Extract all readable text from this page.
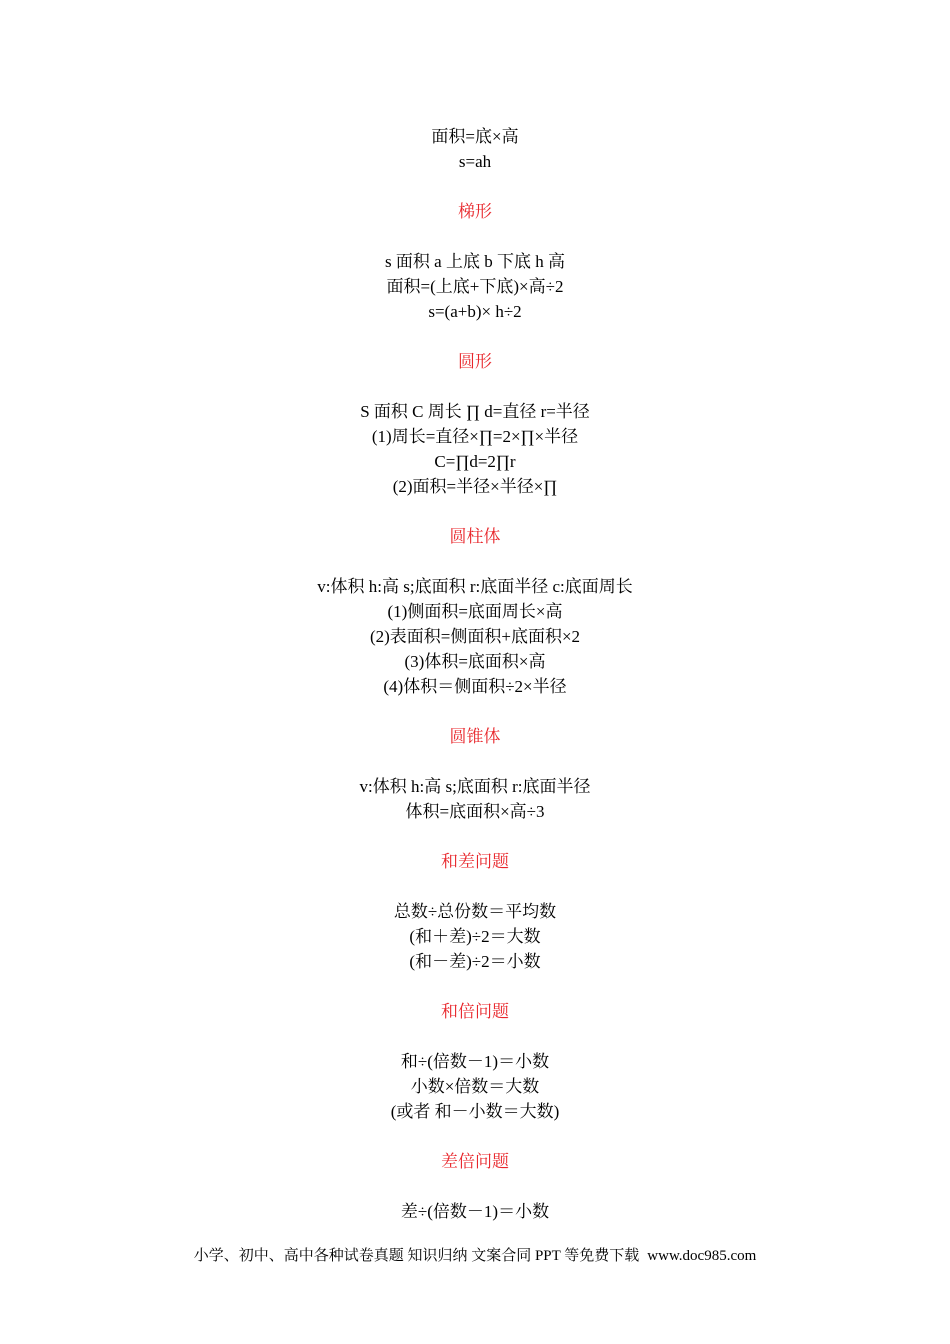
面积=底×高
s=ah
梯形
s 面积 a 上底 b 下底 h 高
面积=(上底+下底)×高÷2
s=(a+b)× h÷2
圆形
S 面积 C 周长 ∏ d=直径 r=半径
(1)周长=直径×∏=2×∏×半径
C=∏d=2∏r
(2)面积=半径×半径×∏
圆柱体
v:体积 h:高 s;底面积 r:底面半径 c:底面周长
(1)侧面积=底面周长×高
(2)表面积=侧面积+底面积×2
(3)体积=底面积×高
(4)体积＝侧面积÷2×半径
圆锥体
v:体积 h:高 s;底面积 r:底面半径
体积=底面积×高÷3
和差问题
总数÷总份数＝平均数
(和＋差)÷2＝大数
(和－差)÷2＝小数
和倍问题
和÷(倍数－1)＝小数
小数×倍数＝大数
(或者 和－小数＝大数)
差倍问题
差÷(倍数－1)＝小数
小学、初中、高中各种试卷真题 知识归纳 文案合同 PPT 等免费下载 www.doc985.com
